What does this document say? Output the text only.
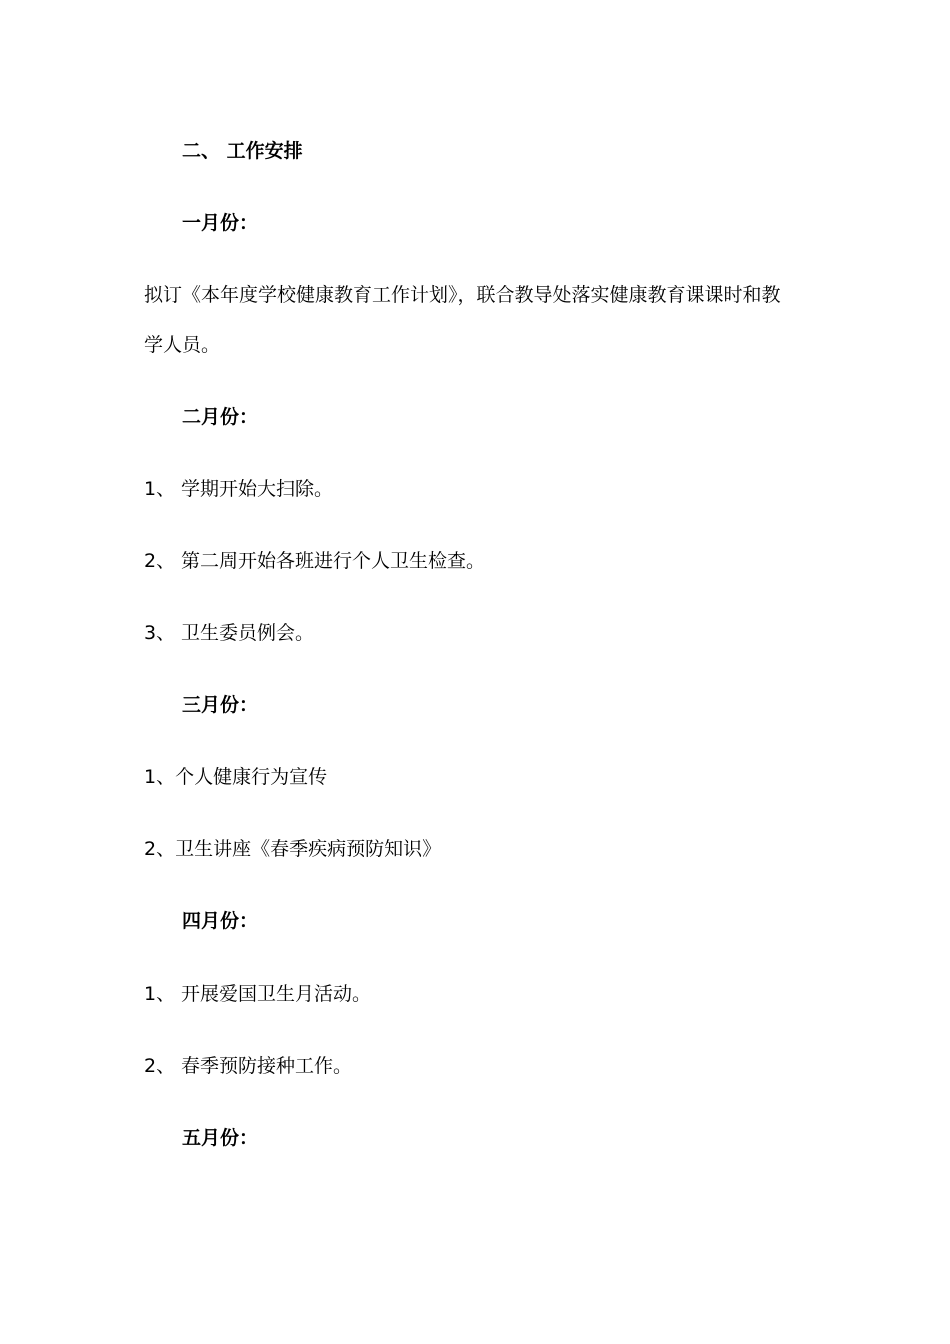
二、 工作安排
一月份：
拟订《本年度学校健康教育工作计划》，联合教导处落实健康教育课课时和教
学人员。
二月份：
1、 学期开始大扫除。
2、 第二周开始各班进行个人卫生检查。
3、 卫生委员例会。
三月份：
1、个人健康行为宣传
2、卫生讲座《春季疾病预防知识》
四月份：
1、 开展爱国卫生月活动。
2、 春季预防接种工作。
五月份：
